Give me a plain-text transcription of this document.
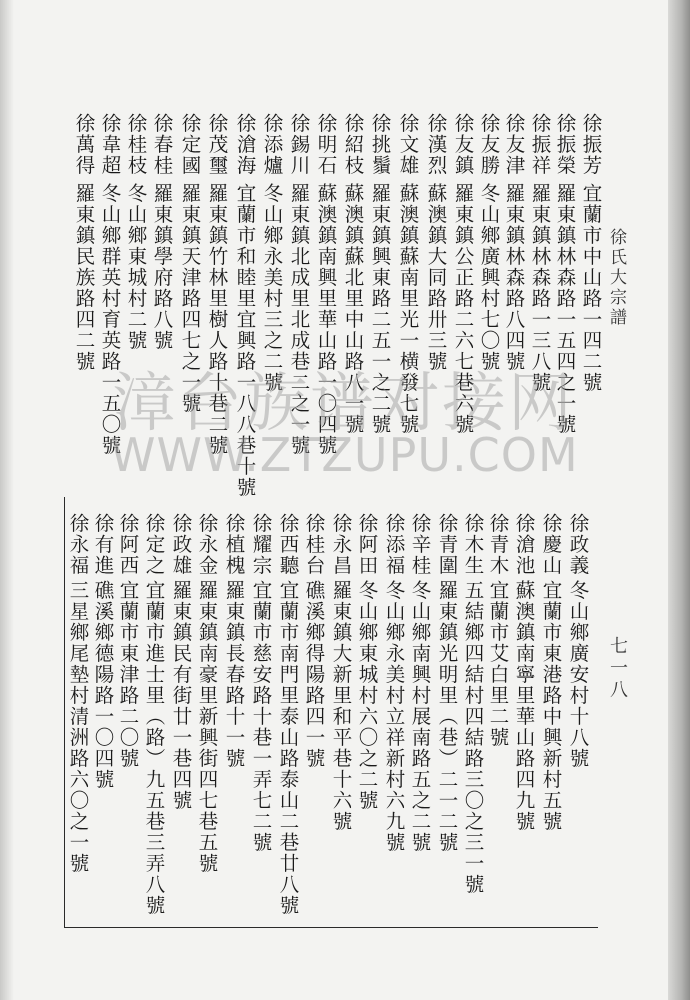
徐氏大宗譜
七一八
徐振芳
宜蘭市中山路一四二號
徐振榮
羅東鎮林森路一五四之一號
徐振祥
羅東鎮林森路一三八號
徐友津
羅東鎮林森路八四號
徐友勝
冬山鄉廣興村七〇號
徐友鎮
羅東鎮公正路二六七巷六號
徐漢烈
蘇澳鎮大同路卅三號
徐文雄
蘇澳鎮蘇南里光一横發七號
徐挑鬚
羅東鎮興東路二五一之二號
徐紹枝
蘇澳鎮蘇北里中山路八一號
徐明石
蘇澳鎮南興里華山路一〇四號
徐錫川
羅東鎮北成里北成巷二之一號
徐添爐
冬山鄉永美村三之二號
徐滄海
宜蘭市和睦里宜興路一八八巷十號
徐茂璽
羅東鎮竹林里樹人路十巷二號
徐定國
羅東鎮天津路四七之一號
徐春桂
羅東鎮學府路八號
徐桂枝
冬山鄉東城村二號
徐韋超
冬山鄉群英村育英路一五〇號
徐萬得
羅東鎮民族路四二號
徐政義
冬山鄉廣安村十八號
徐慶山
宜蘭市東港路中興新村五號
徐滄池
蘇澳鎮南寧里華山路四九號
徐青木
宜蘭市艾白里二號
徐木生
五結鄉四結村四結路三〇之三一號
徐青圍
羅東鎮光明里（巷）二一二號
徐辛桂
冬山鄉南興村展南路五之二號
徐添福
冬山鄉永美村立祥新村六九號
徐阿田
冬山鄉東城村六〇之二號
徐永昌
羅東鎮大新里和平巷十六號
徐桂台
礁溪鄉得陽路四一號
徐西聽
宜蘭市南門里泰山路泰山二巷廿八號
徐耀宗
宜蘭市慈安路十巷一弄七二號
徐植槐
羅東鎮長春路十一號
徐永金
羅東鎮南豪里新興街四七巷五號
徐政雄
羅東鎮民有街廿一巷四號
徐定之
宜蘭市進士里（路）九五巷三弄八號
徐阿西
宜蘭市東津路二〇號
徐有進
礁溪鄉德陽路一〇四號
徐永福
三星鄉尾墊村清洲路六〇之一號
漳台族谱对接网
WWW.ZTZUPU.COM
